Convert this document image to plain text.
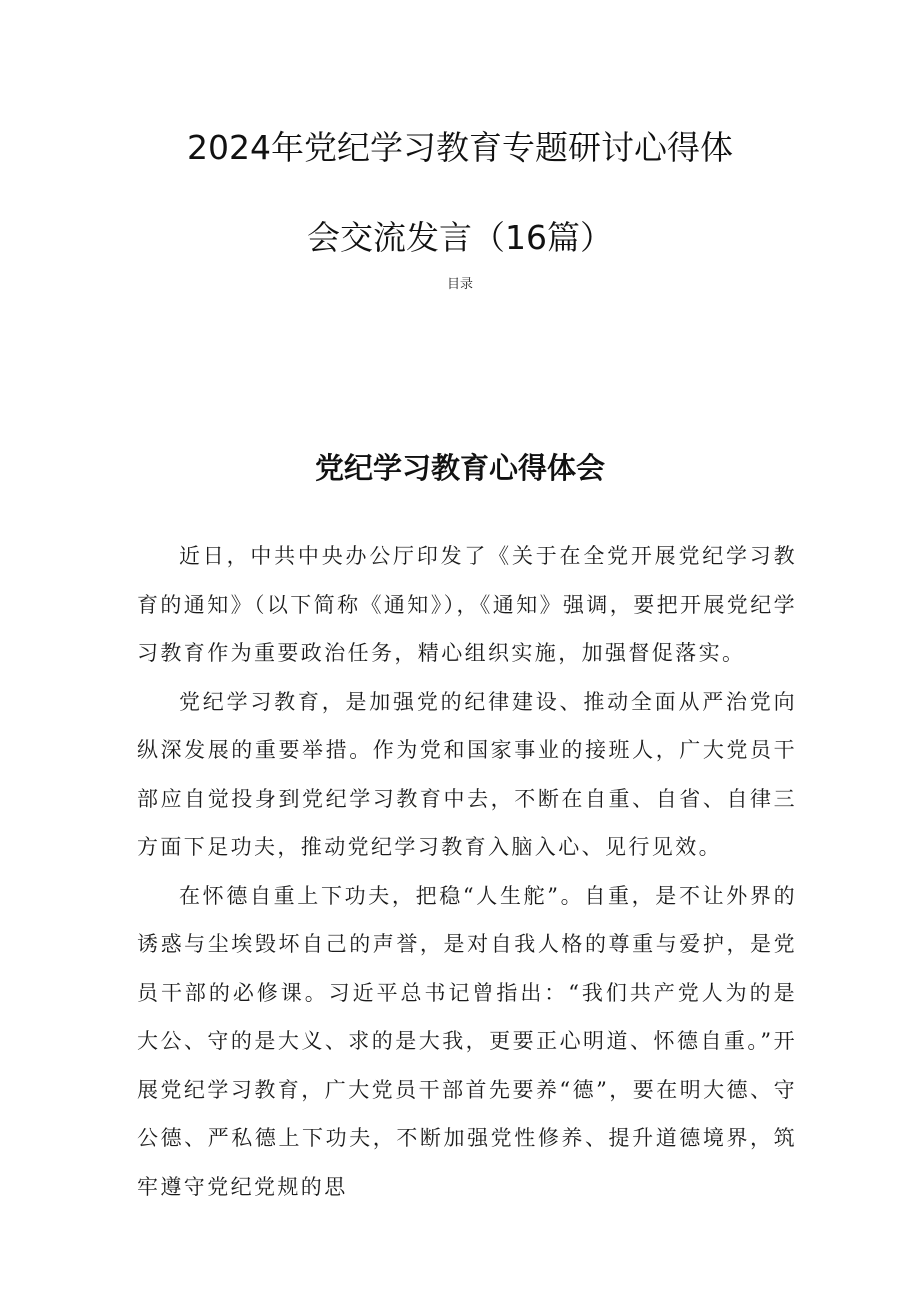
2024年党纪学习教育专题研讨心得体
会交流发言（16篇）
目录
党纪学习教育心得体会

近日，中共中央办公厅印发了《关于在全党开展党纪学习教育的通知》（以下简称《通知》），《通知》强调，要把开展党纪学习教育作为重要政治任务，精心组织实施，加强督促落实。

党纪学习教育，是加强党的纪律建设、推动全面从严治党向纵深发展的重要举措。作为党和国家事业的接班人，广大党员干部应自觉投身到党纪学习教育中去，不断在自重、自省、自律三方面下足功夫，推动党纪学习教育入脑入心、见行见效。

在怀德自重上下功夫，把稳“人生舵”。自重，是不让外界的诱惑与尘埃毁坏自己的声誉，是对自我人格的尊重与爱护，是党员干部的必修课。习近平总书记曾指出：“我们共产党人为的是大公、守的是大义、求的是大我，更要正心明道、怀德自重。”开展党纪学习教育，广大党员干部首先要养“德”，要在明大德、守公德、严私德上下功夫，不断加强党性修养、提升道德境界，筑牢遵守党纪党规的思
